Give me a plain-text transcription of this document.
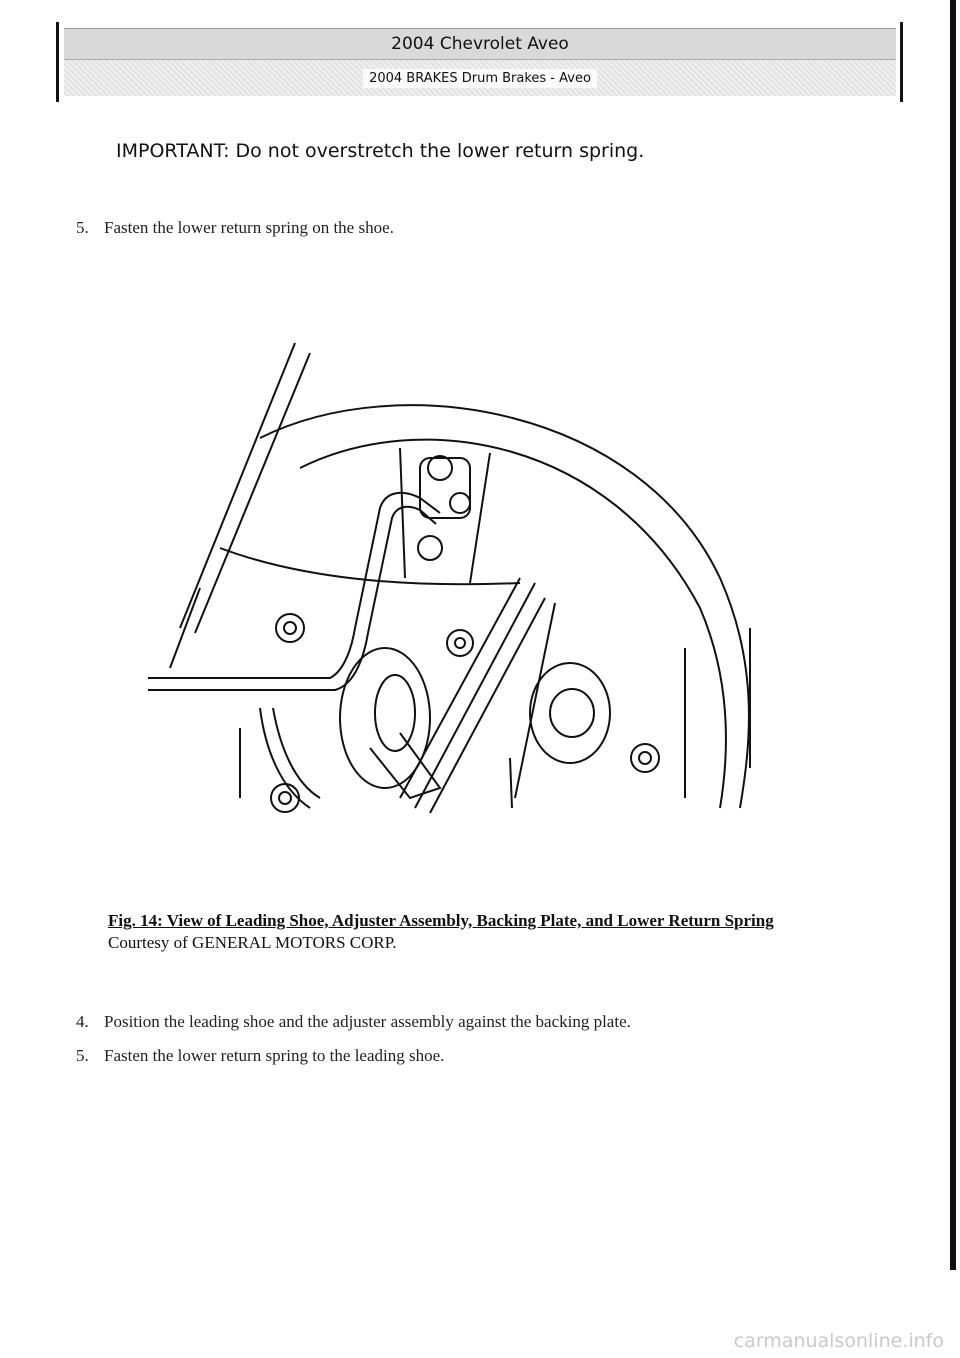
2004 Chevrolet Aveo
2004 BRAKES Drum Brakes - Aveo
IMPORTANT: Do not overstretch the lower return spring.
5. Fasten the lower return spring on the shoe.
Fig. 14: View of Leading Shoe, Adjuster Assembly, Backing Plate, and Lower Return Spring
Courtesy of GENERAL MOTORS CORP.
4. Position the leading shoe and the adjuster assembly against the backing plate.
5. Fasten the lower return spring to the leading shoe.
carmanualsonline.info
